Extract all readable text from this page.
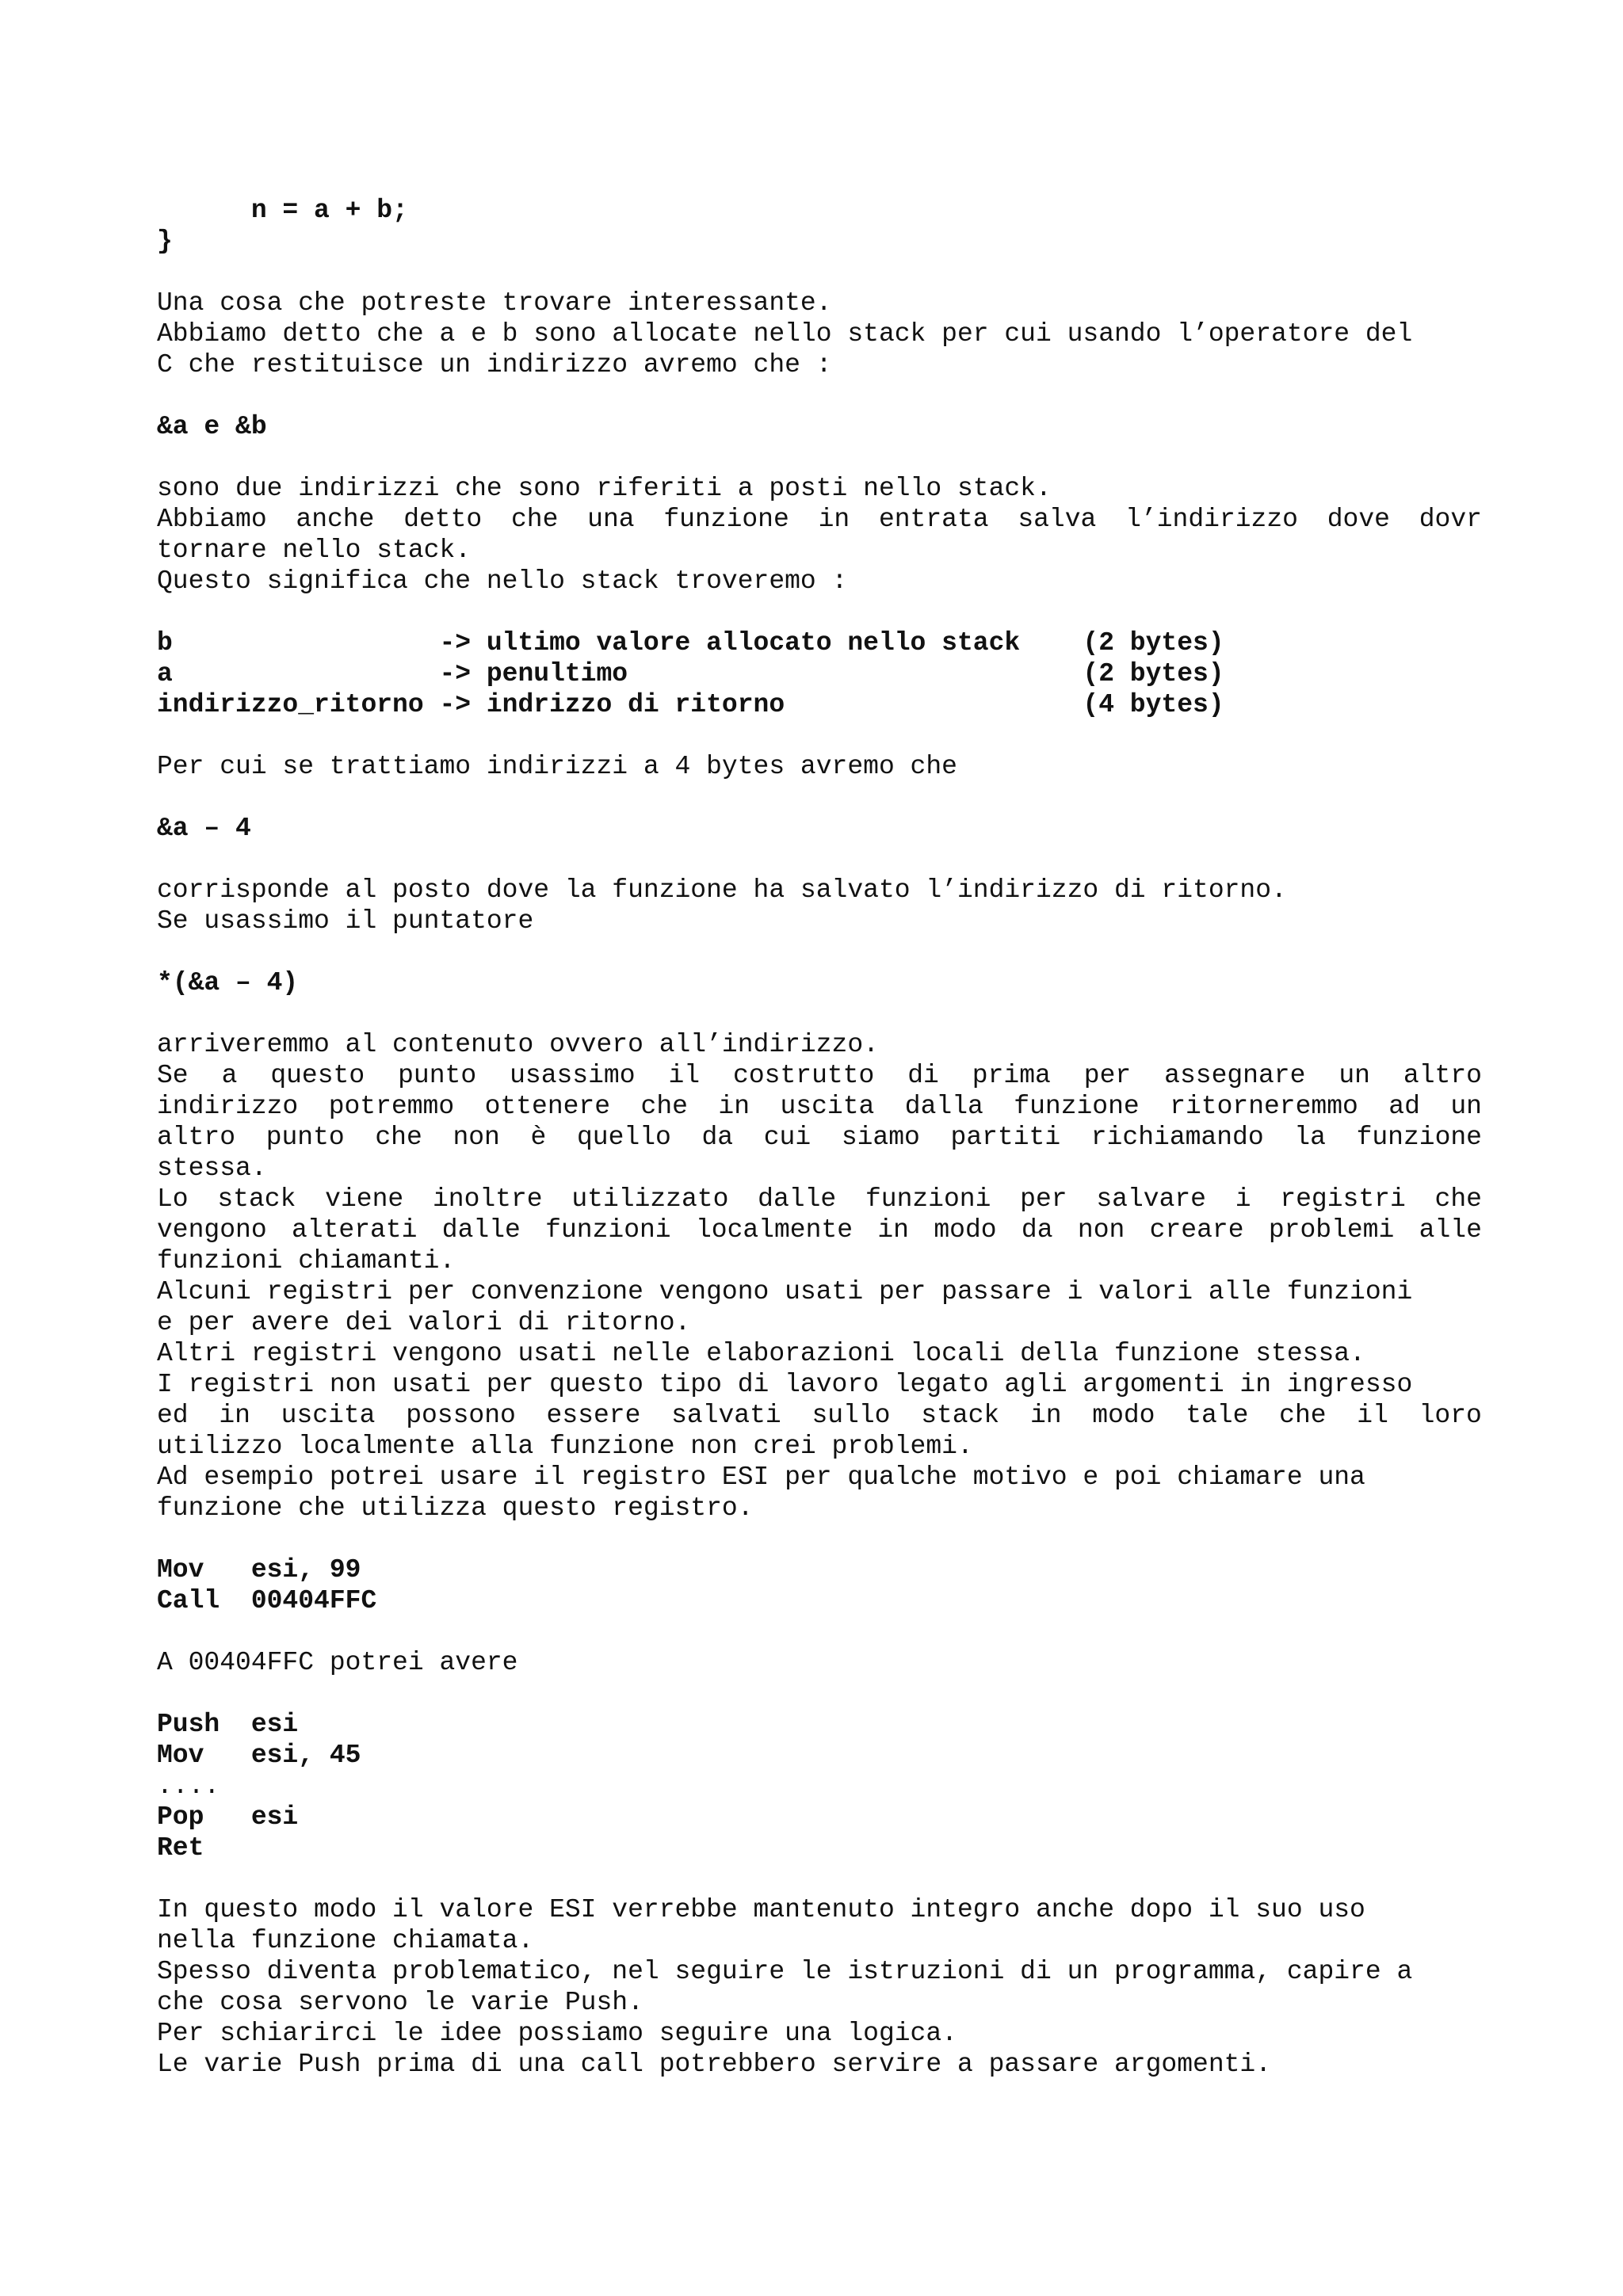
n = a + b;
}
Una cosa che potreste trovare interessante.
Abbiamo detto che a e b sono allocate nello stack per cui usando l’operatore del
C che restituisce un indirizzo avremo che :
&a e &b
sono due indirizzi che sono riferiti a posti nello stack.
Abbiamo anche detto che una funzione in entrata salva l’indirizzo dove dovr
tornare nello stack.
Questo significa che nello stack troveremo :
b                 -> ultimo valore allocato nello stack    (2 bytes)
a                 -> penultimo                             (2 bytes)
indirizzo_ritorno -> indrizzo di ritorno                   (4 bytes)
Per cui se trattiamo indirizzi a 4 bytes avremo che
&a – 4
corrisponde al posto dove la funzione ha salvato l’indirizzo di ritorno.
Se usassimo il puntatore
*(&a – 4)
arriveremmo al contenuto ovvero all’indirizzo.
Se a questo punto usassimo il costrutto di prima per assegnare un altro
indirizzo potremmo ottenere che in uscita dalla funzione ritorneremmo ad un
altro punto che non è quello da cui siamo partiti richiamando la funzione
stessa.
Lo stack viene inoltre utilizzato dalle funzioni per salvare i registri che
vengono alterati dalle funzioni localmente in modo da non creare problemi alle
funzioni chiamanti.
Alcuni registri per convenzione vengono usati per passare i valori alle funzioni
e per avere dei valori di ritorno.
Altri registri vengono usati nelle elaborazioni locali della funzione stessa.
I registri non usati per questo tipo di lavoro legato agli argomenti in ingresso
ed in uscita possono essere salvati sullo stack in modo tale che il loro
utilizzo localmente alla funzione non crei problemi.
Ad esempio potrei usare il registro ESI per qualche motivo e poi chiamare una
funzione che utilizza questo registro.
Mov   esi, 99
Call  00404FFC
A 00404FFC potrei avere
Push  esi
Mov   esi, 45
....
Pop   esi
Ret
In questo modo il valore ESI verrebbe mantenuto integro anche dopo il suo uso
nella funzione chiamata.
Spesso diventa problematico, nel seguire le istruzioni di un programma, capire a
che cosa servono le varie Push.
Per schiarirci le idee possiamo seguire una logica.
Le varie Push prima di una call potrebbero servire a passare argomenti.
